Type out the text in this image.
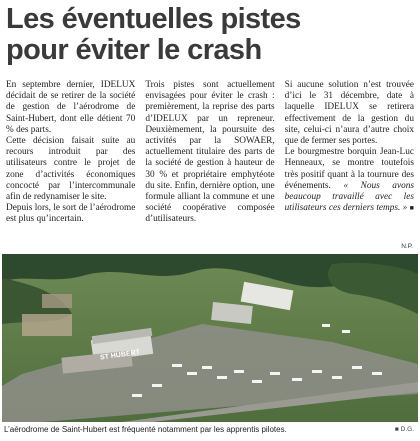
Les éventuelles pistes
pour éviter le crash

En septembre dernier, IDELUX décidait de se retirer de la société de gestion de l’aérodrome de Saint-Hubert, dont elle détient 70 % des parts.

Cette décision faisait suite au recours introduit par des utilisateurs contre le projet de zone d’activités économiques concocté par l’intercommunale afin de redynamiser le site.

Depuis lors, le sort de l’aérodrome est plus qu’incertain.

Trois pistes sont actuellement envisagées pour éviter le crash : premièrement, la reprise des parts d’IDELUX par un repreneur. Deuxièmement, la poursuite des activités par la SOWAER, actuellement titulaire des parts de la société de gestion à hauteur de 30 % et propriétaire emphytéote du site. Enfin, dernière option, une formule alliant la commune et une société coopérative composée d’utilisateurs.

Si aucune solution n’est trouvée d’ici le 31 décembre, date à laquelle IDELUX se retirera effectivement de la gestion du site, celui-ci n’aura d’autre choix que de fermer ses portes.

Le bourgmestre borquin Jean-Luc Henneaux, se montre toutefois très positif quant à la tournure des événements. « Nous avons beaucoup travaillé avec les utilisateurs ces derniers temps. » ■

N.P.
ST HUBERT
L’aérodrome de Saint-Hubert est fréquenté notamment par les apprentis pilotes.	■ D.G.
